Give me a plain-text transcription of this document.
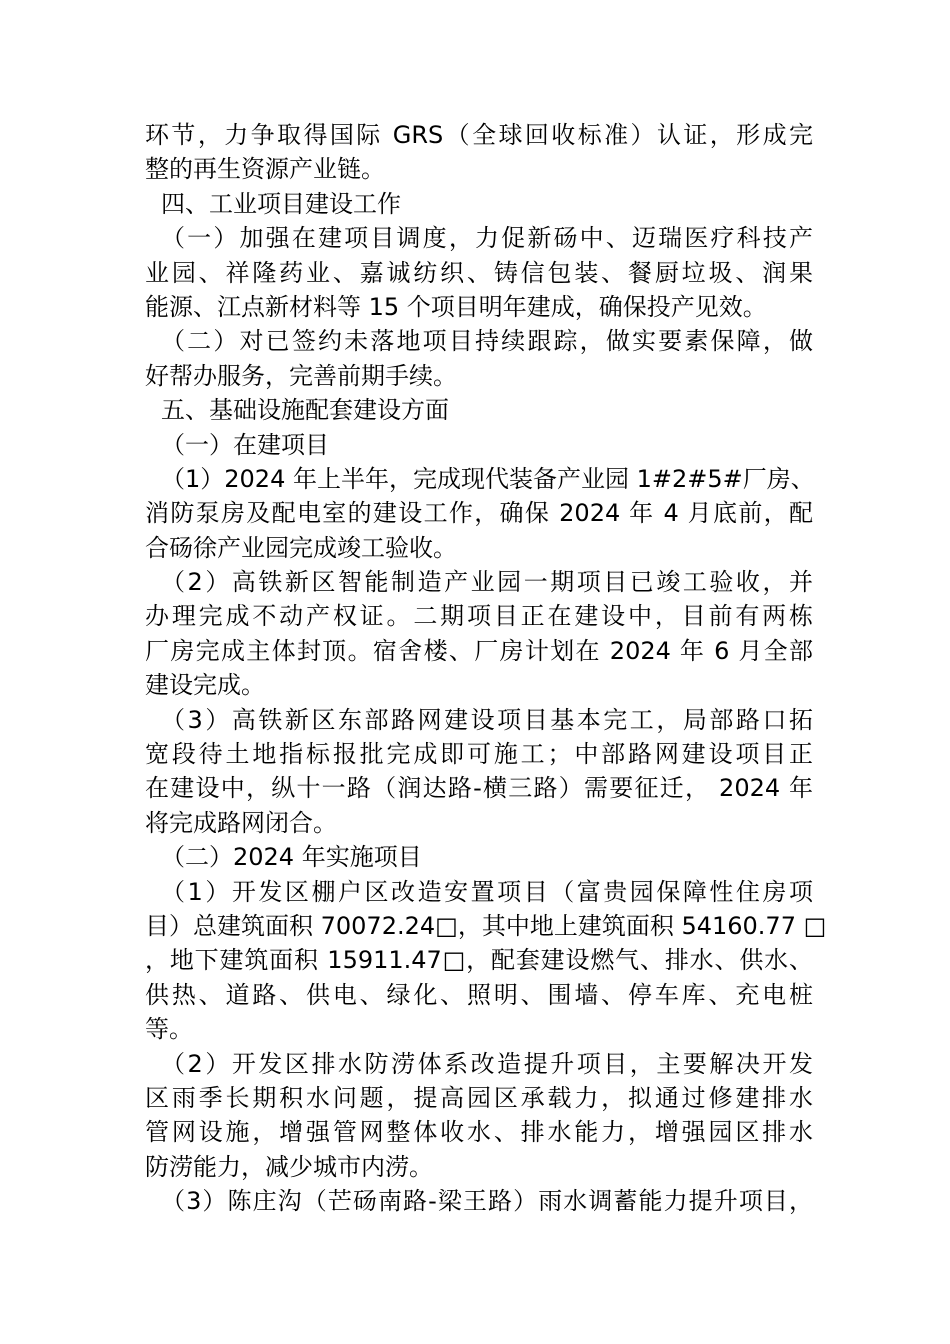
环节，力争取得国际 GRS（全球回收标准）认证，形成完
整的再生资源产业链。
四、工业项目建设工作
（一）加强在建项目调度，力促新砀中、迈瑞医疗科技产
业园、祥隆药业、嘉诚纺织、铸信包装、餐厨垃圾、润果
能源、江点新材料等 15 个项目明年建成，确保投产见效。
（二）对已签约未落地项目持续跟踪，做实要素保障，做
好帮办服务，完善前期手续。
五、基础设施配套建设方面
（一）在建项目
（1）2024 年上半年，完成现代装备产业园 1#2#5#厂房、
消防泵房及配电室的建设工作，确保 2024 年 4 月底前，配
合砀徐产业园完成竣工验收。
（2）高铁新区智能制造产业园一期项目已竣工验收，并
办理完成不动产权证。二期项目正在建设中，目前有两栋
厂房完成主体封顶。宿舍楼、厂房计划在 2024 年 6 月全部
建设完成。
（3）高铁新区东部路网建设项目基本完工，局部路口拓
宽段待土地指标报批完成即可施工；中部路网建设项目正
在建设中，纵十一路（润达路-横三路）需要征迁， 2024 年
将完成路网闭合。
（二）2024 年实施项目
（1）开发区棚户区改造安置项目（富贵园保障性住房项
目）总建筑面积 70072.24□，其中地上建筑面积 54160.77 □
，地下建筑面积 15911.47□，配套建设燃气、排水、供水、
供热、道路、供电、绿化、照明、围墙、停车库、充电桩
等。
（2）开发区排水防涝体系改造提升项目，主要解决开发
区雨季长期积水问题，提高园区承载力，拟通过修建排水
管网设施，增强管网整体收水、排水能力，增强园区排水
防涝能力，减少城市内涝。
（3）陈庄沟（芒砀南路-梁王路）雨水调蓄能力提升项目，
